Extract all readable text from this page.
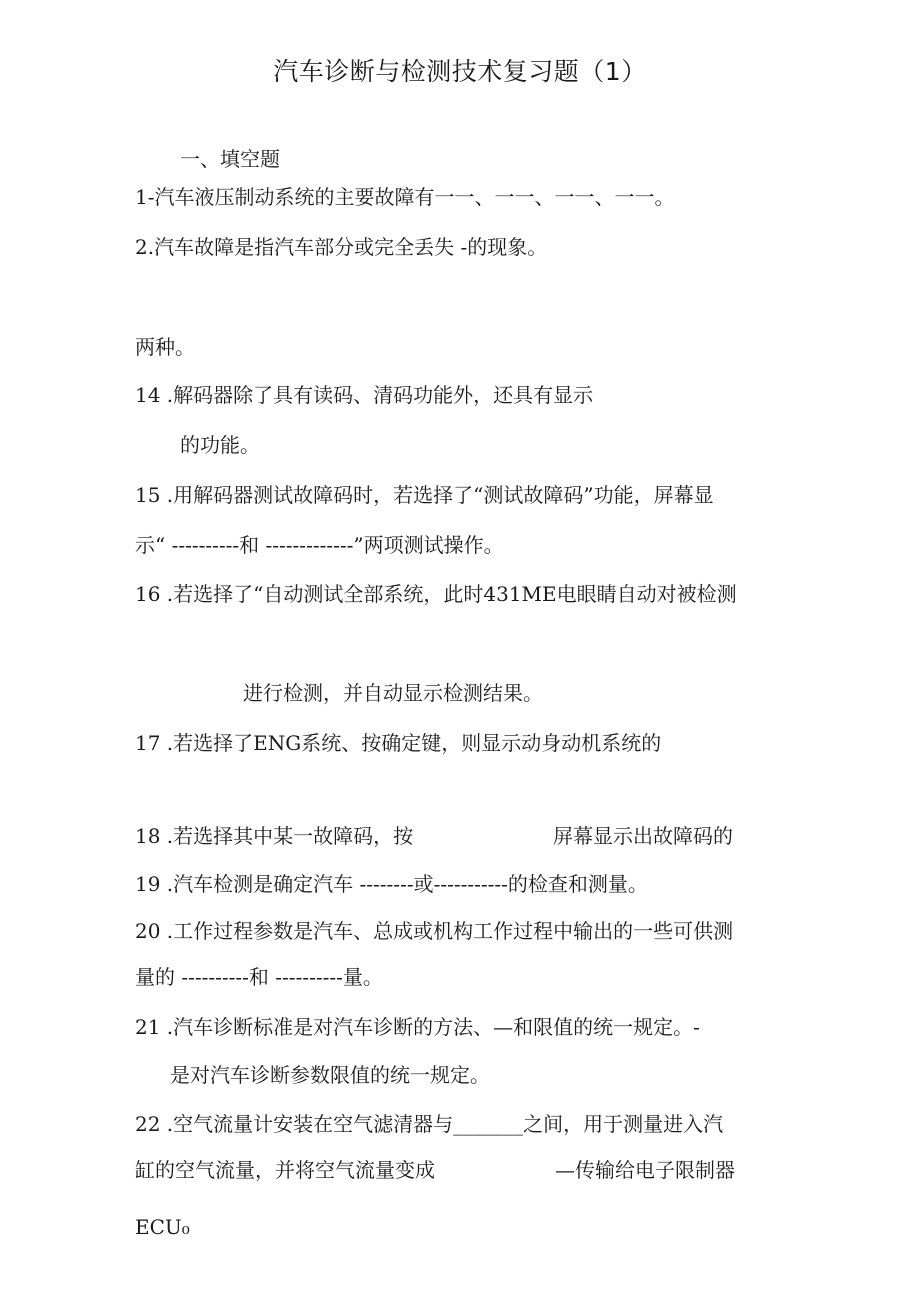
汽车诊断与检测技术复习题（1）
一、填空题
1-汽车液压制动系统的主要故障有一一、一一、一一、一一。
2.汽车故障是指汽车部分或完全丢失 -的现象。
两种。
14 .解码器除了具有读码、清码功能外，还具有显示
的功能。
15 .用解码器测试故障码时，若选择了“测试故障码”功能，屏幕显
示“ ----------和 -------------”两项测试操作。
16 .若选择了“自动测试全部系统，此时431ME电眼睛自动对被检测
进行检测，并自动显示检测结果。
17 .若选择了ENG系统、按确定键，则显示动身动机系统的
18 .若选择其中某一故障码，按	屏幕显示出故障码的
19 .汽车检测是确定汽车 --------或-----------的检查和测量。
20 .工作过程参数是汽车、总成或机构工作过程中输出的一些可供测
量的 ----------和 ----------量。
21 .汽车诊断标准是对汽车诊断的方法、—和限值的统一规定。-
是对汽车诊断参数限值的统一规定。
22 .空气流量计安装在空气滤清器与_______之间，用于测量进入汽
缸的空气流量，并将空气流量变成	—传输给电子限制器
ECU₀
